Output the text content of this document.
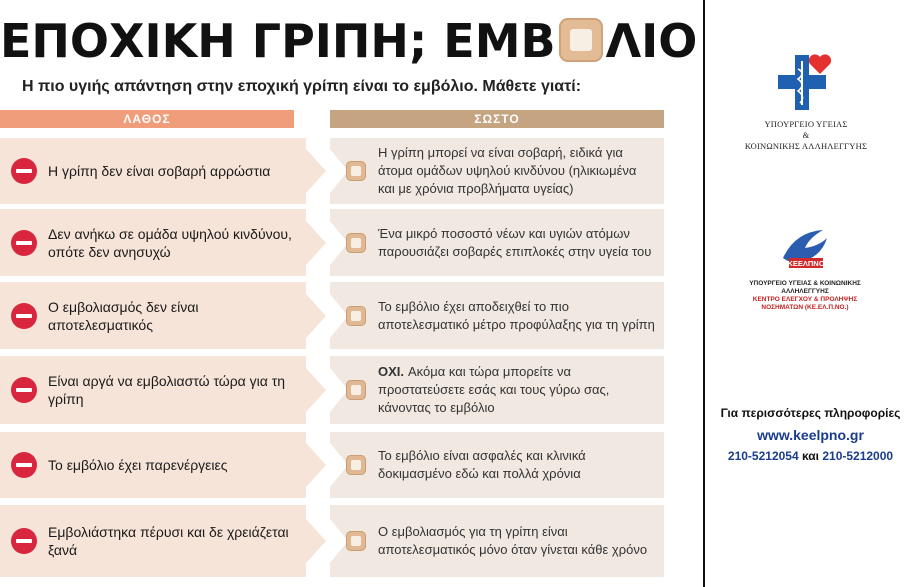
ΕΠΟΧΙΚΗ ΓΡΙΠΗ; ΕΜΒ ΛΙΟ
Η πιο υγιής απάντηση στην εποχική γρίπη είναι το εμβόλιο. Μάθετε γιατί:
ΛΑΘΟΣ	ΣΩΣΤΟ
Η γρίπη δεν είναι σοβαρή αρρώστια
Η γρίπη μπορεί να είναι σοβαρή, ειδικά για άτομα ομάδων υψηλού κινδύνου (ηλικιωμένα και με χρόνια προβλήματα υγείας)
Δεν ανήκω σε ομάδα υψηλού κινδύνου, οπότε δεν ανησυχώ
Ένα μικρό ποσοστό νέων και υγιών ατόμων παρουσιάζει σοβαρές επιπλοκές στην υγεία του
Ο εμβολιασμός δεν είναι αποτελεσματικός
Το εμβόλιο έχει αποδειχθεί το πιο αποτελεσματικό μέτρο προφύλαξης για τη γρίπη
Είναι αργά να εμβολιαστώ τώρα για τη γρίπη
ΟΧΙ. Ακόμα και τώρα μπορείτε να προστατεύσετε εσάς και τους γύρω σας, κάνοντας το εμβόλιο
Το εμβόλιο έχει παρενέργειες
Το εμβόλιο είναι ασφαλές και κλινικά δοκιμασμένο εδώ και πολλά χρόνια
Εμβολιάστηκα πέρυσι και δε χρειάζεται ξανά
Ο εμβολιασμός για τη γρίπη είναι αποτελεσματικός μόνο όταν γίνεται κάθε χρόνο
ΥΠΟΥΡΓΕΙΟ ΥΓΕΙΑΣ
&
ΚΟΙΝΩΝΙΚΗΣ ΑΛΛΗΛΕΓΓΥΗΣ
ΚΕΕΛΠΝΟ
ΥΠΟΥΡΓΕΙΟ ΥΓΕΙΑΣ & ΚΟΙΝΩΝΙΚΗΣ ΑΛΛΗΛΕΓΓΥΗΣ
ΚΕΝΤΡΟ ΕΛΕΓΧΟΥ & ΠΡΟΛΗΨΗΣ
ΝΟΣΗΜΑΤΩΝ (ΚΕ.ΕΛ.Π.ΝΟ.)
Για περισσότερες πληροφορίες
www.keelpno.gr
210-5212054 και 210-5212000
